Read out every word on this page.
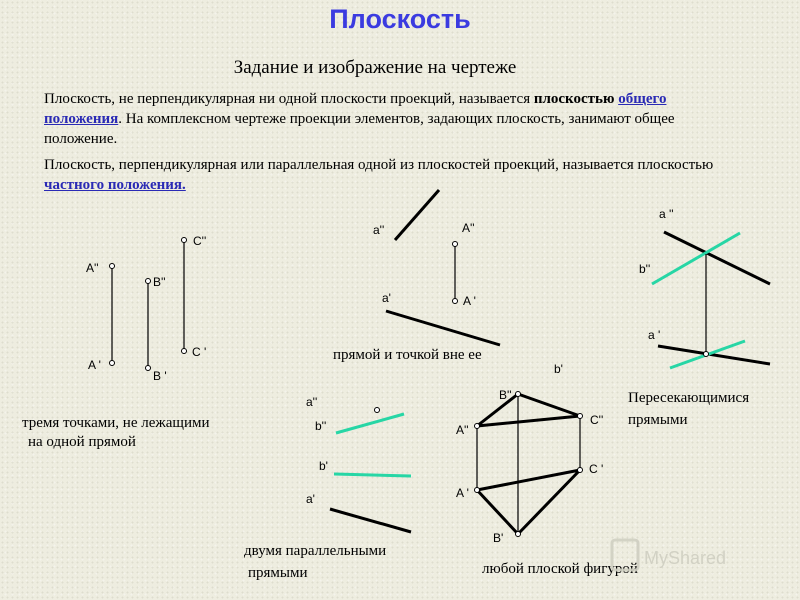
Плоскость
Задание и изображение на чертеже
Плоскость, не перпендикулярная ни одной плоскости проекций, называется плоскостью общего положения. На комплексном чертеже проекции элементов, задающих плоскость, занимают общее положение.
Плоскость, перпендикулярная или параллельная одной из плоскостей проекций, называется плоскостью частного положения.
A''
A '
B''
B '
C''
C '
тремя точками, не лежащими
на одной прямой
a''
a'
A''
A '
прямой и точкой вне ее
a ''
b''
a '
b'
Пересекающимися
прямыми
a''
b''
b'
a'
двумя параллельными
прямыми
B''
A''
C''
C '
A '
B'
любой плоской фигурой
MyShared
